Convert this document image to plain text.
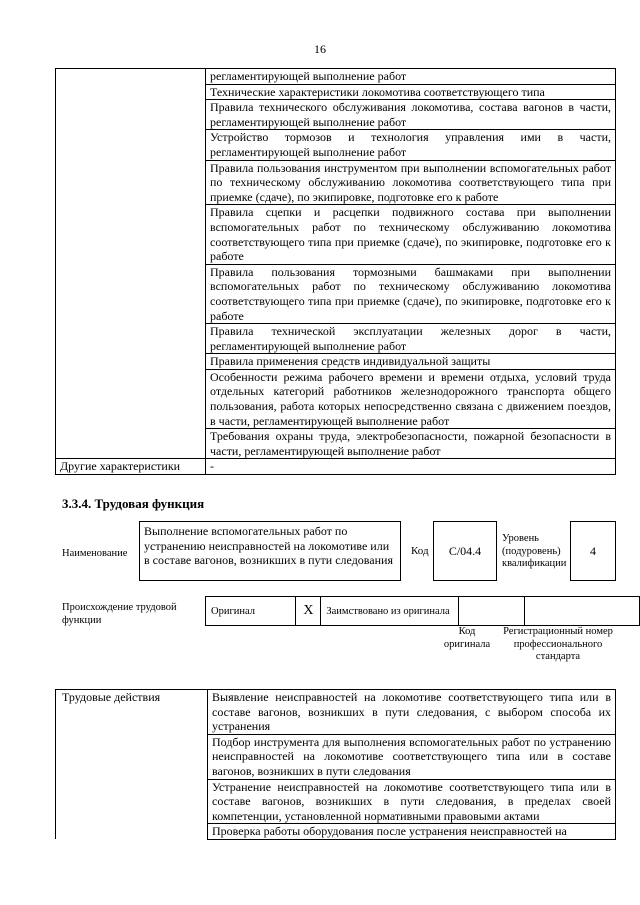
16
	регламентирующей выполнение работ
	Технические характеристики локомотива соответствующего типа
	Правила технического обслуживания локомотива, состава вагонов в части, регламентирующей выполнение работ
	Устройство тормозов и технология управления ими в части, регламентирующей выполнение работ
	Правила пользования инструментом при выполнении вспомогательных работ по техническому обслуживанию локомотива соответствующего типа при приемке (сдаче), по экипировке, подготовке его к работе
	Правила сцепки и расцепки подвижного состава при выполнении вспомогательных работ по техническому обслуживанию локомотива соответствующего типа при приемке (сдаче), по экипировке, подготовке его к работе
	Правила пользования тормозными башмаками при выполнении вспомогательных работ по техническому обслуживанию локомотива соответствующего типа при приемке (сдаче), по экипировке, подготовке его к работе
	Правила технической эксплуатации железных дорог в части, регламентирующей выполнение работ
	Правила применения средств индивидуальной защиты
	Особенности режима рабочего времени и времени отдыха, условий труда отдельных категорий работников железнодорожного транспорта общего пользования, работа которых непосредственно связана с движением поездов, в части, регламентирующей выполнение работ
	Требования охраны труда, электробезопасности, пожарной безопасности в части, регламентирующей выполнение работ
Другие характеристики	-
3.3.4. Трудовая функция
Наименование
Выполнение вспомогательных работ по устранению неисправностей на локомотиве или в составе вагонов, возникших в пути следования
Код	C/04.4
Уровень (подуровень) квалификации
4
Происхождение трудовой функции
Оригинал	X	Заимствовано из оригинала		
Код оригинала
Регистрационный номер профессионального стандарта
Трудовые действия	Выявление неисправностей на локомотиве соответствующего типа или в составе вагонов, возникших в пути следования, с выбором способа их устранения
Подбор инструмента для выполнения вспомогательных работ по устранению неисправностей на локомотиве соответствующего типа или в составе вагонов, возникших в пути следования
Устранение неисправностей на локомотиве соответствующего типа или в составе вагонов, возникших в пути следования, в пределах своей компетенции, установленной нормативными правовыми актами
Проверка работы оборудования после устранения неисправностей на
